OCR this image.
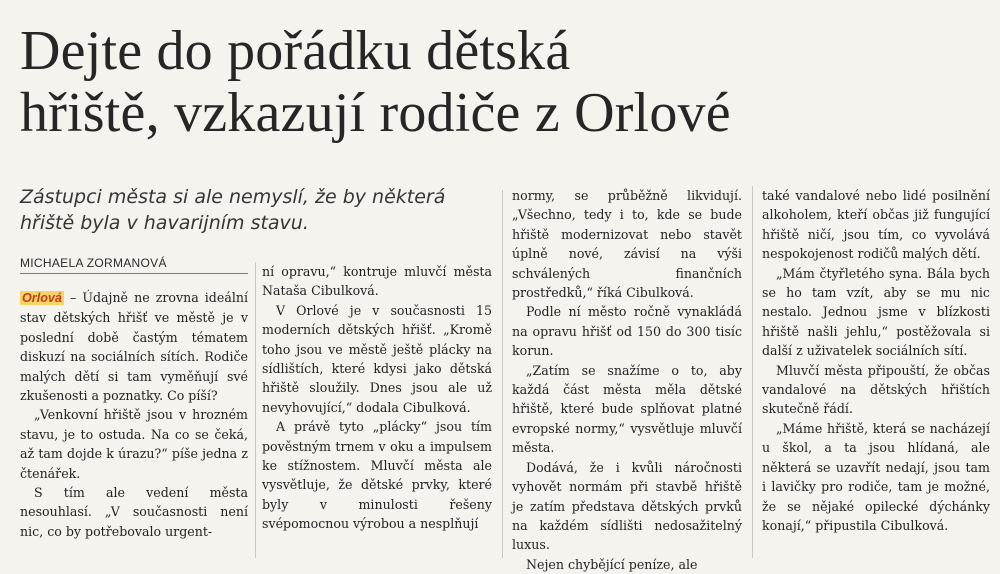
Dejte do pořádku dětská
hřiště, vzkazují rodiče z Orlové
Zástupci města si ale nemyslí, že by některá hřiště byla v havarijním stavu.
MICHAELA ZORMANOVÁ

Orlová – Údajně ne zrovna ideální stav dětských hřišť ve městě je v poslední době častým tématem diskuzí na sociálních sítích. Rodiče malých dětí si tam vyměňují své zkušenosti a poznatky. Co píší?

„Venkovní hřiště jsou v hrozném stavu, je to ostuda. Na co se čeká, až tam dojde k úrazu?“ píše jedna z čtenářek.

S tím ale vedení města nesouhlasí. „V současnosti není nic, co by potřebovalo urgent-

ní opravu,“ kontruje mluvčí města Nataša Cibulková.

V Orlové je v současnosti 15 moderních dětských hřišť. „Kromě toho jsou ve městě ještě plácky na sídlištích, které kdysi jako dětská hřiště sloužily. Dnes jsou ale už nevyhovující,“ dodala Cibulková.

A právě tyto „plácky“ jsou tím pověstným trnem v oku a impulsem ke stížnostem. Mluvčí města ale vysvětluje, že dětské prvky, které byly v minulosti řešeny svépomocnou výrobou a nesplňují

normy, se průběžně likvidují. „Všechno, tedy i to, kde se bude hřiště modernizovat nebo stavět úplně nové, závisí na výši schválených finančních prostředků,“ říká Cibulková.

Podle ní město ročně vynakládá na opravu hřišť od 150 do 300 tisíc korun.

„Zatím se snažíme o to, aby každá část města měla dětské hřiště, které bude splňovat platné evropské normy,“ vysvětluje mluvčí města.

Dodává, že i kvůli náročnosti vyhovět normám při stavbě hřiště je zatím představa dětských prvků na každém sídlišti nedosažitelný luxus.

Nejen chybějící peníze, ale

také vandalové nebo lidé posilnění alkoholem, kteří občas již fungující hřiště ničí, jsou tím, co vyvolává nespokojenost rodičů malých dětí.

„Mám čtyřletého syna. Bála bych se ho tam vzít, aby se mu nic nestalo. Jednou jsme v blízkosti hřiště našli jehlu,“ postěžovala si další z uživatelek sociálních sítí.

Mluvčí města připouští, že občas vandalové na dětských hřištích skutečně řádí.

„Máme hřiště, která se nacházejí u škol, a ta jsou hlídaná, ale některá se uzavřít nedají, jsou tam i lavičky pro rodiče, tam je možné, že se nějaké opilecké dýchánky konají,“ připustila Cibulková.
